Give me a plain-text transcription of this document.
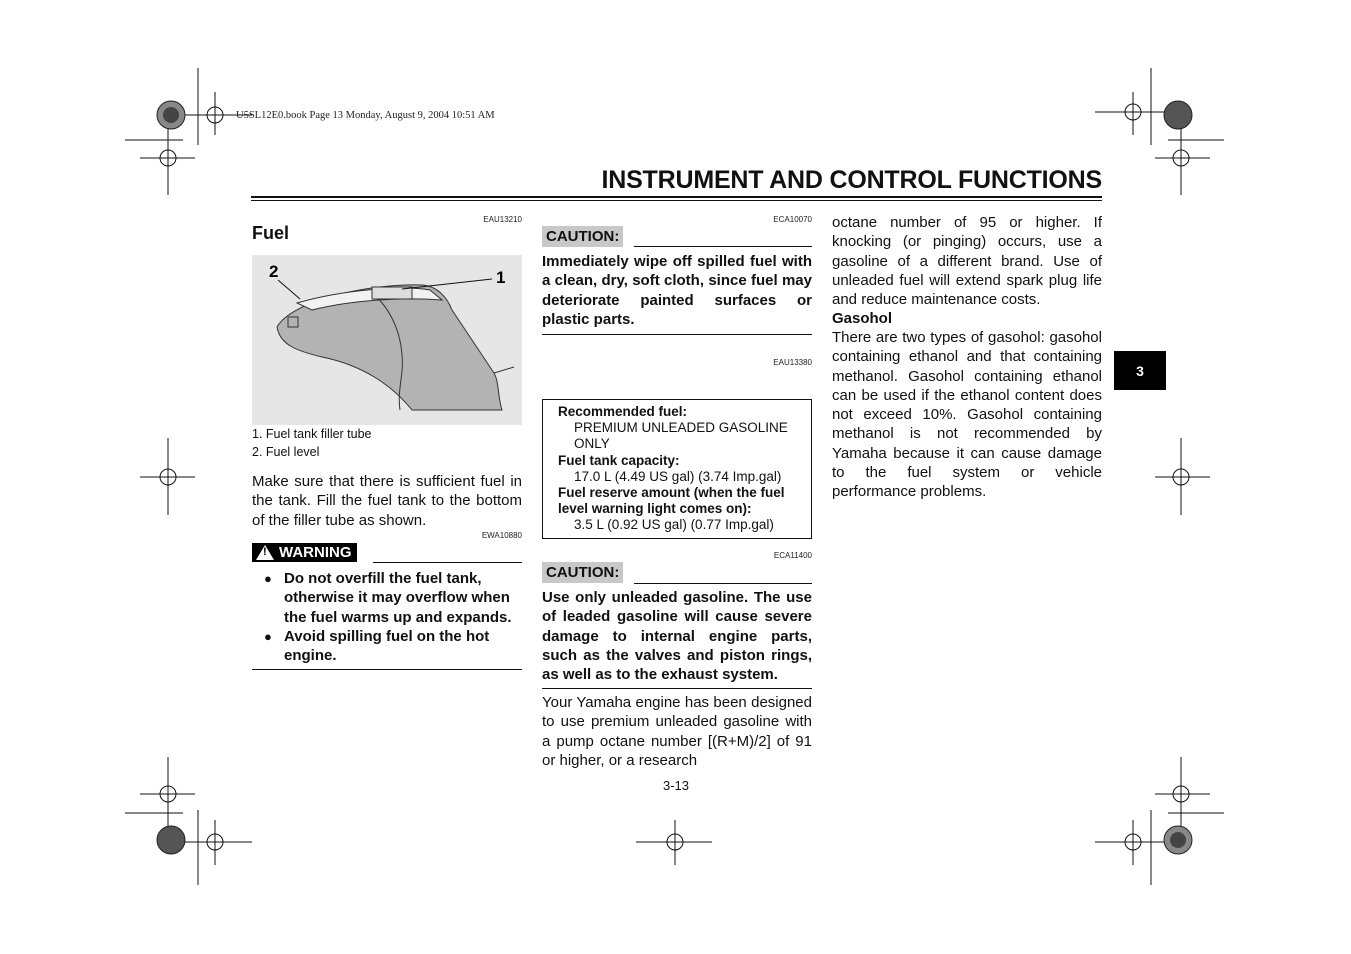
U5SL12E0.book Page 13 Monday, August 9, 2004 10:51 AM
INSTRUMENT AND CONTROL FUNCTIONS
EAU13210
Fuel
2	1
1. Fuel tank filler tube
2. Fuel level
Make sure that there is sufficient fuel in the tank. Fill the fuel tank to the bottom of the filler tube as shown.
EWA10880
!
WARNING
● Do not overfill the fuel tank, otherwise it may overflow when the fuel warms up and expands.
● Avoid spilling fuel on the hot engine.
ECA10070
CAUTION:
Immediately wipe off spilled fuel with a clean, dry, soft cloth, since fuel may deteriorate painted surfaces or plastic parts.
EAU13380
Recommended fuel:
PREMIUM UNLEADED GASOLINE ONLY
Fuel tank capacity:
17.0 L (4.49 US gal) (3.74 Imp.gal)
Fuel reserve amount (when the fuel level warning light comes on):
3.5 L (0.92 US gal) (0.77 Imp.gal)
ECA11400
CAUTION:
Use only unleaded gasoline. The use of leaded gasoline will cause severe damage to internal engine parts, such as the valves and piston rings, as well as to the exhaust system.
Your Yamaha engine has been designed to use premium unleaded gasoline with a pump octane number [(R+M)/2] of 91 or higher, or a research
octane number of 95 or higher. If knocking (or pinging) occurs, use a gasoline of a different brand. Use of unleaded fuel will extend spark plug life and reduce maintenance costs.
Gasohol
There are two types of gasohol: gasohol containing ethanol and that containing methanol. Gasohol containing ethanol can be used if the ethanol content does not exceed 10%. Gasohol containing methanol is not recommended by Yamaha because it can cause damage to the fuel system or vehicle performance problems.
3
3-13
